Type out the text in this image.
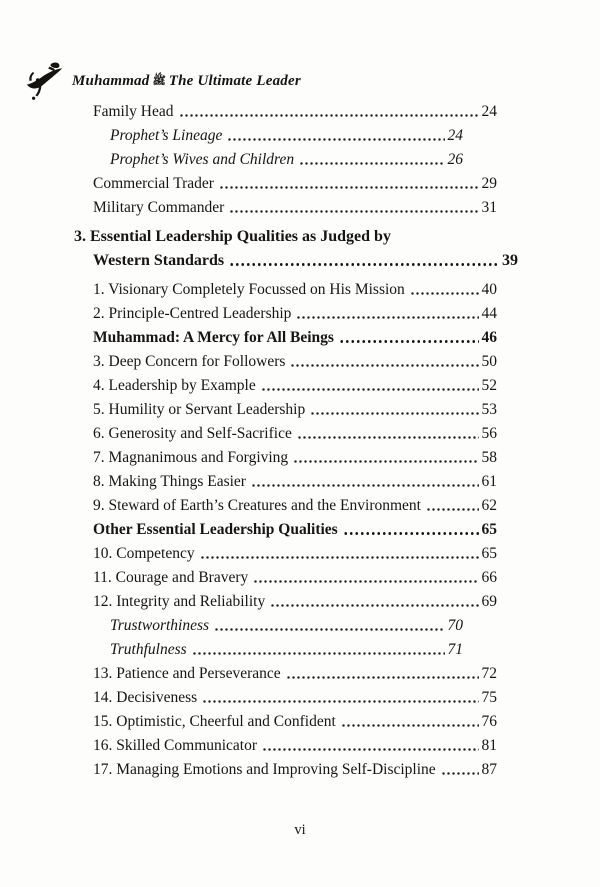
Muhammad ﷺ The Ultimate Leader
Family Head	24
Prophet’s Lineage	24
Prophet’s Wives and Children	26
Commercial Trader	29
Military Commander	31
3. Essential Leadership Qualities as Judged by
Western Standards	39
1. Visionary Completely Focussed on His Mission	40
2. Principle-Centred Leadership	44
Muhammad: A Mercy for All Beings	46
3. Deep Concern for Followers	50
4. Leadership by Example	52
5. Humility or Servant Leadership	53
6. Generosity and Self-Sacrifice	56
7. Magnanimous and Forgiving	58
8. Making Things Easier	61
9. Steward of Earth’s Creatures and the Environment	62
Other Essential Leadership Qualities	65
10. Competency	65
11. Courage and Bravery	66
12. Integrity and Reliability	69
Trustworthiness	70
Truthfulness	71
13. Patience and Perseverance	72
14. Decisiveness	75
15. Optimistic, Cheerful and Confident	76
16. Skilled Communicator	81
17. Managing Emotions and Improving Self-Discipline	87
vi
